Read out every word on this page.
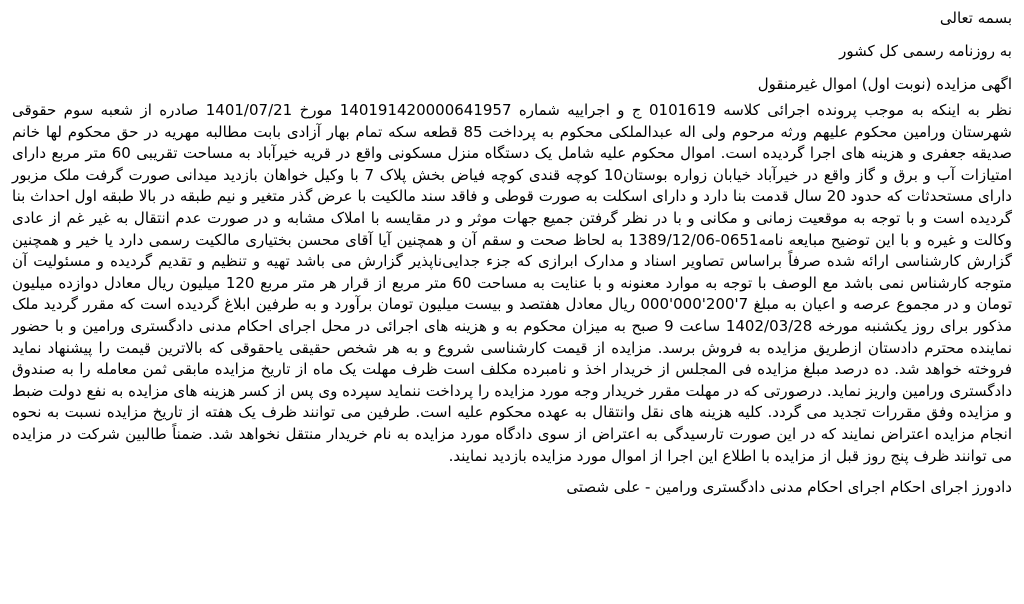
بسمه تعالی
به روزنامه رسمی کل کشور
اگهی مزایده (نوبت اول) اموال غیرمنقول

نظر به اینکه به موجب پرونده اجرائی کلاسه 0101619 ج و اجراییه شماره 140191420000641957 مورخ 1401/07/21 صادره از شعبه سوم حقوقی شهرستان ورامین محکوم علیهم ورثه مرحوم ولی اله عبدالملکی محکوم به پرداخت 85 قطعه سکه تمام بهار آزادی بابت مطالبه مهریه در حق محکوم لها خانم صدیقه جعفری و هزینه های اجرا گردیده است. اموال محکوم علیه شامل یک دستگاه منزل مسکونی واقع در قریه خیرآباد به مساحت تقریبی 60 متر مربع دارای امتیازات آب و برق و گاز واقع در خیرآباد خیابان زواره بوستان10 کوچه قندی کوچه فیاض بخش پلاک 7 با وکیل خواهان بازدید میدانی صورت گرفت ملک مزبور دارای مستحدثات که حدود 20 سال قدمت بنا دارد و دارای اسکلت به صورت قوطی و فاقد سند مالکیت با عرض گذر متغیر و نیم طبقه در بالا طبقه اول احداث بنا گردیده است و با توجه به موقعیت زمانی و مکانی و با در نظر گرفتن جمیع جهات موثر و در مقایسه با املاک مشابه و در صورت عدم انتقال به غیر غم از عادی وکالت و غیره و با این توضیح مبایعه نامه0651-1389/12/06 به لحاظ صحت و سقم آن و همچنین آیا آقای محسن بختیاری مالکیت رسمی دارد یا خیر و همچنین گزارش کارشناسی ارائه شده صرفاً براساس تصاویر اسناد و مدارک ابرازی که جزء جدایی‌ناپذیر گزارش می باشد تهیه و تنظیم و تقدیم گردیده و مسئولیت آن متوجه کارشناس نمی باشد مع الوصف با توجه به موارد معنونه و با عنایت به مساحت 60 متر مربع از قرار هر متر مربع 120 میلیون ریال معادل دوازده میلیون تومان و در مجموع عرصه و اعیان به مبلغ 7'200'000'000 ریال معادل هفتصد و بیست میلیون تومان برآورد و به طرفین ابلاغ گردیده است که مقرر گردید ملک مذکور برای روز یکشنبه مورخه 1402/03/28 ساعت 9 صبح به میزان محکوم به و هزینه های اجرائی در محل اجرای احکام مدنی دادگستری ورامین و با حضور نماینده محترم دادستان ازطریق مزایده به فروش برسد. مزایده از قیمت کارشناسی شروع و به هر شخص حقیقی یاحقوقی که بالاترین قیمت را پیشنهاد نماید فروخته خواهد شد. ده درصد مبلغ مزایده فی المجلس از خریدار اخذ و نامبرده مکلف است ظرف مهلت یک ماه از تاریخ مزایده مابقی ثمن معامله را به صندوق دادگستری ورامین واریز نماید. درصورتی که در مهلت مقرر خریدار وجه مورد مزایده را پرداخت ننماید سپرده وی پس از کسر هزینه های مزایده به نفع دولت ضبط و مزایده وفق مقررات تجدید می گردد. کلیه هزینه های نقل وانتقال به عهده محکوم علیه است. طرفین می توانند ظرف یک هفته از تاریخ مزایده نسبت به نحوه انجام مزایده اعتراض نمایند که در این صورت تارسیدگی به اعتراض از سوی دادگاه مورد مزایده به نام خریدار منتقل نخواهد شد. ضمناً طالبین شرکت در مزایده می توانند ظرف پنج روز قبل از مزایده با اطلاع این اجرا از اموال مورد مزایده بازدید نمایند.

دادورز اجرای احکام اجرای احکام مدنی دادگستری ورامین - علی شصتی
